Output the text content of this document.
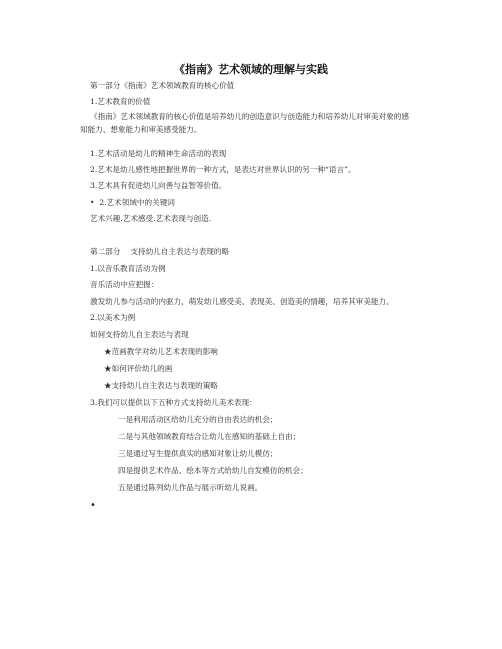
《指南》艺术领域的理解与实践

第一部分《指南》艺术领域教育的核心价值

1.艺术教育的价值

《指南》艺术领域教育的核心价值是培养幼儿的创造意识与创造能力和培养幼儿对审美对象的感知能力、想象能力和审美感受能力。

1.艺术活动是幼儿的精神生命活动的表现

2.艺术是幼儿感性地把握世界的一种方式，是表达对世界认识的另一种“语言”。

3.艺术具有促进幼儿向善与益智等价值。

• 2.艺术领域中的关键词

艺术兴趣.艺术感受.艺术表现与创造.

第二部分　 支持幼儿自主表达与表现的略

1.以音乐教育活动为例

音乐活动中应把握：

激发幼儿参与活动的内驱力，萌发幼儿感受美、表现美、创造美的情趣，培养其审美能力。

2.以美术为例

如何支持幼儿自主表达与表现

★范画教学对幼儿艺术表现的影响

★如何评价幼儿的画

★支持幼儿自主表达与表现的策略

3.我们可以提供以下五种方式支持幼儿美术表现：

一是利用活动区给幼儿充分的自由表达的机会；

二是与其他领域教育结合让幼儿在感知的基础上自由；

三是通过写生提供真实的感知对象让幼儿模仿；

四是提供艺术作品、绘本等方式给幼儿自发模仿的机会；

五是通过陈列幼儿作品与展示听幼儿说画。

•
